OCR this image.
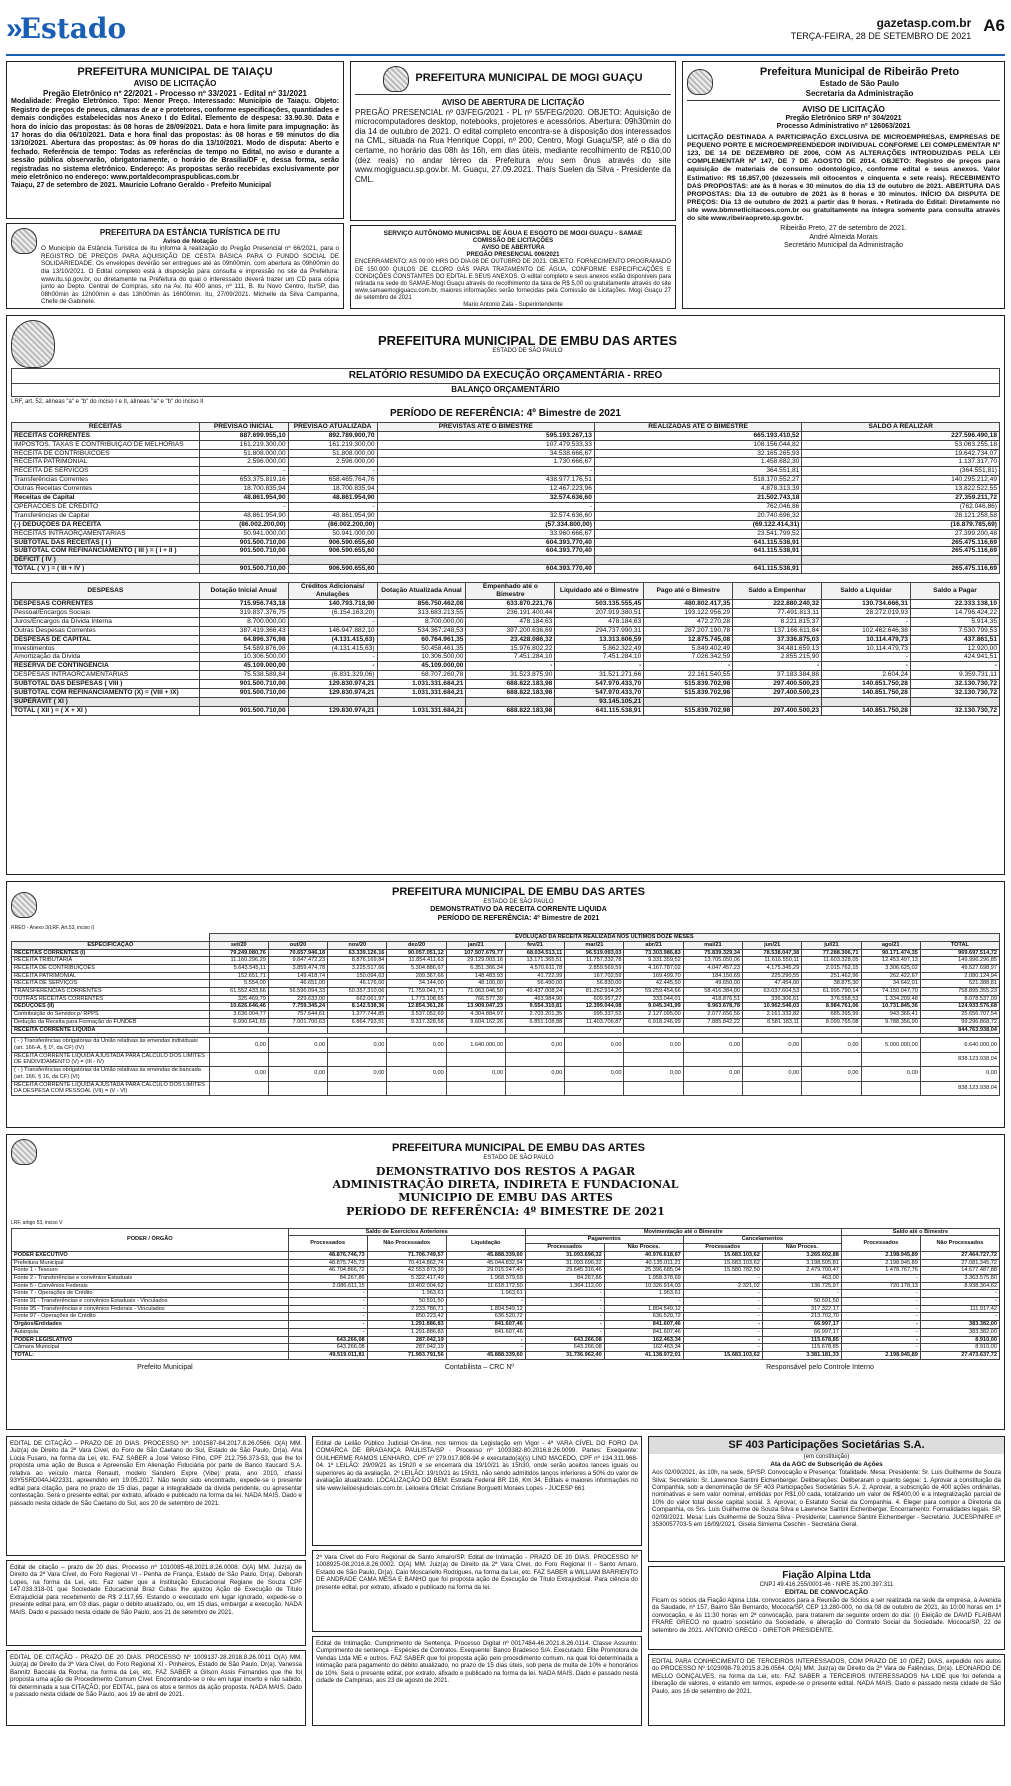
» Estado	gazetasp.com.br
TERÇA-FEIRA, 28 DE SETEMBRO DE 2021
A6
PREFEITURA MUNICIPAL DE TAIAÇU
AVISO DE LICITAÇÃO
Pregão Eletrônico nº 22/2021 - Processo nº 33/2021 - Edital nº 31/2021
Modalidade: Pregão Eletrônico. Tipo: Menor Preço. Interessado: Município de Taiaçu. Objeto: Registro de preços de pneus, câmaras de ar e protetores, conforme especificações, quantidades e demais condições estabelecidas nos Anexo I do Edital. Elemento de despesa: 33.90.30. Data e hora do início das propostas: às 08 horas de 28/09/2021. Data e hora limite para impugnação: às 17 horas do dia 06/10/2021. Data e hora final das propostas: às 08 horas e 59 minutos do dia 13/10/2021. Abertura das propostas: às 09 horas do dia 13/10/2021. Modo de disputa: Aberto e fechado. Referência de tempo: Todas as referências de tempo no Edital, no aviso e durante a sessão pública observarão, obrigatoriamente, o horário de Brasília/DF e, dessa forma, serão registradas no sistema eletrônico. Endereço: As propostas serão recebidas exclusivamente por meio eletrônico no endereço: www.portaldecompraspublicas.com.br
Taiaçu, 27 de setembro de 2021. Maurício Lofrano Geraldo - Prefeito Municipal
PREFEITURA DA ESTÂNCIA TURÍSTICA DE ITU
Aviso de Notação
O Município da Estância Turística de Itu informa à realização do Pregão Presencial nº 66/2021, para o REGISTRO DE PREÇOS PARA AQUISIÇÃO DE CESTA BÁSICA PARA O FUNDO SOCIAL DE SOLIDARIEDADE. Os envelopes deverão ser entregues até às 09h00min, com abertura às 09h00min do dia 13/10/2021. O Edital completo está à disposição para consulta e impressão no site da Prefeitura: www.itu.sp.gov.br, ou diretamente na Prefeitura do qual o interessado deverá trazer um CD para cópia junto ao Depto. Central de Compras, sito na Av. Itu 400 anos, nº 111, B. Itu Novo Centro, Itu/SP, das 08h00min às 12h00min e das 13h00min às 16h00min. Itu, 27/09/2021. Michelle da Silva Campanha, Chefe de Gabinete.
PREFEITURA MUNICIPAL DE MOGI GUAÇU
AVISO DE ABERTURA DE LICITAÇÃO
PREGÃO PRESENCIAL nº 03/FEG/2021 - PL nº 55/FEG/2020. OBJETO: Aquisição de microcomputadores desktop, notebooks, projetores e acessórios. Abertura: 09h30min do dia 14 de outubro de 2021. O edital completo encontra-se à disposição dos interessados na CML, situada na Rua Henrique Coppi, nº 200, Centro, Mogi Guaçu/SP, até o dia do certame, no horário das 08h às 16h, em dias úteis, mediante recolhimento de R$10,00 (dez reais) no andar térreo da Prefeitura e/ou sem ônus através do site www.mogiguacu.sp.gov.br. M. Guaçu, 27.09.2021. Thaís Suelen da Silva - Presidente da CML.
SERVIÇO AUTÔNOMO MUNICIPAL DE ÁGUA E ESGOTO DE MOGI GUAÇU - SAMAE
COMISSÃO DE LICITAÇÕES
AVISO DE ABERTURA
PREGÃO PRESENCIAL 006/2021
ENCERRAMENTO: AS 09:00 HRS DO DIA 08 DE OUTUBRO DE 2021. OBJETO: FORNECIMENTO PROGRAMADO DE 150.000 QUILOS DE CLORO GÁS PARA TRATAMENTO DE ÁGUA, CONFORME ESPECIFICAÇÕES E CONDIÇÕES CONSTANTES DO EDITAL E SEUS ANEXOS. O edital completo e seus anexos estão disponíveis para retirada na sede do SAMAE-Mogi Guaçu através do recolhimento da taxa de R$ 5,00 ou gratuitamente através do site www.samaemogiguacu.com.br, maiores informações serão fornecidas pela Comissão de Licitações. Mogi Guaçu 27 de setembro de 2021
Mario Antonio Zala - Superintendente
Prefeitura Municipal de Ribeirão Preto
Estado de São Paulo
Secretaria da Administração
AVISO DE LICITAÇÃO
Pregão Eletrônico SRP nº 304/2021
Processo Administrativo nº 126063/2021
LICITAÇÃO DESTINADA A PARTICIPAÇÃO EXCLUSIVA DE MICROEMPRESAS, EMPRESAS DE PEQUENO PORTE E MICROEMPREENDEDOR INDIVIDUAL CONFORME LEI COMPLEMENTAR Nº 123, DE 14 DE DEZEMBRO DE 2006, COM AS ALTERAÇÕES INTRODUZIDAS PELA LEI COMPLEMENTAR Nº 147, DE 7 DE AGOSTO DE 2014. OBJETO: Registro de preços para aquisição de materiais de consumo odontológico, conforme edital e seus anexos. Valor Estimativo: R$ 16.857,00 (dezesseis mil oitocentos e cinquenta e sete reais). RECEBIMENTO DAS PROPOSTAS: até às 8 horas e 30 minutos do dia 13 de outubro de 2021. ABERTURA DAS PROPOSTAS: Dia 13 de outubro de 2021 às 8 horas e 30 minutos. INÍCIO DA DISPUTA DE PREÇOS: Dia 13 de outubro de 2021 a partir das 9 horas. • Retirada do Edital: Diretamente no site www.bbmnetlicitacoes.com.br ou gratuitamente na íntegra somente para consulta através do site www.ribeiraopreto.sp.gov.br.
Ribeirão Preto, 27 de setembro de 2021.
André Almeida Morais
Secretário Municipal da Administração
PREFEITURA MUNICIPAL DE EMBU DAS ARTES
ESTADO DE SÃO PAULO
RELATÓRIO RESUMIDO DA EXECUÇÃO ORÇAMENTÁRIA - RREO
BALANÇO ORÇAMENTÁRIO
LRF, art. 52, alíneas "a" e "b" do inciso I e II, alíneas "a" e "b" do inciso II
PERÍODO DE REFERÊNCIA: 4º Bimestre de 2021
RECEITAS	PREVISÃO INICIAL	PREVISÃO ATUALIZADA	PREVISTAS ATÉ O BIMESTRE	REALIZADAS ATÉ O BIMESTRE	SALDO A REALIZAR
RECEITAS CORRENTES	887.699.955,10	892.789.900,70	595.193.267,13	665.193.410,52	227.596.490,18
IMPOSTOS, TAXAS E CONTRIBUIÇÃO DE MELHORIAS	161.219.300,00	161.219.300,00	107.479.533,33	108.156.044,82	53.063.255,18
RECEITA DE CONTRIBUICOES	51.808.000,00	51.808.000,00	34.538.666,67	32.165.265,93	19.642.734,07
RECEITA PATRIMONIAL	2.596.000,00	2.596.000,00	1.730.666,67	1.458.682,30	1.137.317,70
RECEITA DE SERVICOS	-	-	-	364.551,81	(364.551,81)
Transferências Correntes	653.375.819,16	658.465.764,76	438.977.176,51	518.170.552,27	140.295.212,49
Outras Receitas Correntes	18.700.835,94	18.700.835,94	12.467.223,96	4.878.313,39	13.822.522,55
Receitas de Capital	48.861.954,90	48.861.954,90	32.574.636,60	21.502.743,18	27.359.211,72
OPERACOES DE CREDITO	-	-	-	762.046,86	(762.046,86)
Transferências de Capital	48.861.954,90	48.861.954,90	32.574.636,60	20.740.696,32	28.121.258,58
(-) DEDUÇÕES DA RECEITA	(86.002.200,00)	(86.002.200,00)	(57.334.800,00)	(69.122.414,31)	(16.879.785,69)
RECEITAS INTRAORÇAMENTÁRIAS	50.941.000,00	50.941.000,00	33.960.666,67	23.541.799,52	27.399.200,48
SUBTOTAL DAS RECEITAS ( I )	901.500.710,00	906.590.655,60	604.393.770,40	641.115.538,91	265.475.116,69
SUBTOTAL COM REFINANCIAMENTO ( III ) = ( I + II )	901.500.710,00	906.590.655,60	604.393.770,40	641.115.538,91	265.475.116,69
DÉFICIT ( IV )					
TOTAL ( V ) = ( III + IV )	901.500.710,00	906.590.655,60	604.393.770,40	641.115.538,91	265.475.116,69
DESPESAS	Dotação Inicial Anual	Créditos Adicionais/ Anulações	Dotação Atualizada Anual	Empenhado até o Bimestre	Liquidado até o Bimestre	Pago até o Bimestre	Saldo a Empenhar	Saldo a Liquidar	Saldo a Pagar
DESPESAS CORRENTES	715.956.743,18	140.793.718,90	856.750.462,08	633.870.221,76	503.135.555,45	480.802.417,35	222.880.240,32	130.734.666,31	22.333.138,10
Pessoal/Encargos Sociais	319.837.376,75	(6.154.163,20)	313.683.213,55	236.191.400,44	207.919.380,51	193.122.956,29	77.491.813,11	28.272.019,93	14.796.424,22
Juros/Encargos da Dívida Interna	8.700.000,00	-	8.700.000,00	478.184,63	478.184,63	472.270,28	8.221.815,37	-	5.914,35
Outras Despesas Correntes	387.419.366,43	146.947.882,10	534.367.248,53	397.200.636,69	294.737.990,31	287.207.190,78	137.166.611,84	102.462.646,38	7.530.799,53
DESPESAS DE CAPITAL	64.896.376,98	(4.131.415,63)	60.764.961,35	23.428.086,32	13.313.606,59	12.875.745,08	37.336.875,03	10.114.479,73	437.861,51
Investimentos	54.589.876,98	(4.131.415,63)	50.458.461,35	15.976.802,22	5.862.322,49	5.849.402,49	34.481.659,13	10.114.479,73	12.920,00
Amortização da Dívida	10.306.500,00	-	10.306.500,00	7.451.284,10	7.451.284,10	7.026.342,59	2.855.215,90	-	424.941,51
RESERVA DE CONTINGÊNCIA	45.109.000,00	-	45.109.000,00	-	-	-	-	-	-
DESPESAS INTRAORCAMENTARIAS	75.538.589,84	(6.831.329,06)	68.707.260,78	31.523.875,90	31.521.271,66	22.161.540,55	37.183.384,88	2.604,24	9.359.731,11
SUBTOTAL DAS DESPESAS ( VIII )	901.500.710,00	129.830.974,21	1.031.331.684,21	688.822.183,98	547.970.433,70	515.839.702,98	297.400.500,23	140.851.750,28	32.130.730,72
SUBTOTAL COM REFINANCIAMENTO (X) = (VIII + IX)	901.500.710,00	129.830.974,21	1.031.331.684,21	688.822.183,98	547.970.433,70	515.839.702,98	297.400.500,23	140.851.750,28	32.130.730,72
SUPERÁVIT ( XI )					93.145.105,21				
TOTAL ( XII ) = ( X + XI )	901.500.710,00	129.830.974,21	1.031.331.684,21	688.822.183,98	641.115.538,91	515.839.702,98	297.400.500,23	140.851.750,28	32.130.730,72
PREFEITURA MUNICIPAL DE EMBU DAS ARTES
ESTADO DE SÃO PAULO
DEMONSTRATIVO DA RECEITA CORRENTE LIQUIDA
PERÍODO DE REFERÊNCIA: 4º Bimestre de 2021
RREO - Anexo 3(LRF, Art.53, inciso I)
	EVOLUÇÃO DA RECEITA REALIZADA NOS ÚLTIMOS DOZE MESES												
ESPECIFICAÇÃO	set/20	out/20	nov/20	dez/20	jan/21	fev/21	mar/21	abr/21	mai/21	jun/21	jul/21	ago/21	TOTAL
RECEITAS CORRENTES (I)	79.249.080,76	70.657.946,18	63.339.126,16	90.057.051,12	107.507.679,77	68.034.513,11	96.519.093,03	73.303.986,83	75.839.329,34	78.538.047,38	77.288.306,71	90.171.474,35	969.697.514,72
RECEITA TRIBUTÁRIA	11.160.296,29	9.847.472,23	8.876.169,84	11.854.411,63	29.129.003,16	13.171.365,51	11.757.332,78	9.331.359,52	13.705.050,06	11.616.550,11	11.603.328,05	12.453.497,13	149.996.296,85
RECEITA DE CONTRIBUIÇÕES	5.643.545,11	3.859.474,78	3.225.517,66	5.304.886,67	6.351.366,34	4.570.611,78	2.859.569,59	4.167.787,02	4.047.457,23	4.175.345,29	2.015.762,15	3.306.625,02	49.527.698,97
RECEITA PATRIMONIAL	152.651,71	149.418,74	150.094,63	209.367,66	148.483,93	41.722,99	167.702,59	169.499,70	184.150,69	225.290,55	251.462,96	262.422,67	2.080.124,94
RECEITA DE SERVIÇOS	5.554,00	46.651,00	46.176,00	34.144,00	48.100,00	56.490,00	56.830,00	42.445,50	49.650,00	47.454,00	38.875,30	34.642,01	521.388,81
TRANSFERÊNCIAS CORRENTES	61.552.433,66	56.596.094,33	50.357.310,06	71.759.041,71	71.063.046,50	49.437.008,24	81.262.914,20	59.259.454,66	58.416.384,00	63.037.604,53	61.995.790,14	74.150.047,70	758.895.355,23
OUTRAS RECEITAS CORRENTES	325.469,79	229.633,00	662.061,97	1.773.108,65	766.577,39	463.984,90	609.957,27	333.044,01	418.876,51	336.306,61	376.558,53	1.334.209,48	8.078.537,09
DEDUÇÕES (II)	10.626.646,46	7.759.345,24	8.142.538,36	12.854.361,26	13.909.047,23	9.554.310,81	12.399.044,08	9.045.341,99	9.963.678,78	10.962.546,03	8.984.761,06	10.731.845,36	124.933.576,68
Contribuição do Servidor p/ RPPS	3.636.004,77	757.644,61	1.277.744,85	3.537.052,69	4.304.884,97	2.703.201,35	995.337,52	2.127.095,00	2.077.656,56	2.161.332,82	685.395,99	943.366,41	25.656.707,54
Dedução da Receita para Formação do FUNDEB	6.990.641,69	7.001.700,63	6.864.793,51	9.317.328,58	9.604.162,26	6.851.108,88	11.403.706,87	6.918.246,99	7.885.842,22	8.581.183,11	8.099.765,08	9.788.356,90	99.296.868,72
RECEITA CORRENTE LIQUIDA													844.763.938,04
( - ) Transferências obrigatórias da União relativas às emendas individuais (art. 166-A, § 1º, da CF) (IV)	0,00	0,00	0,00	0,00	1.640.000,00	0,00	0,00	0,00	0,00	0,00	0,00	5.000.000,00	6.640.000,00
RECEITA CORRENTE LÍQUIDA AJUSTADA PARA CÁLCULO DOS LIMITES DE ENDIVIDAMENTO (V) = (III - IV)													838.123.938,04
( - ) Transferências obrigatórias da União relativas às emendas de bancada (art. 166, § 16, da CF) (VI)	0,00	0,00	0,00	0,00	0,00	0,00	0,00	0,00	0,00	0,00	0,00	0,00	0,00
RECEITA CORRENTE LÍQUIDA AJUSTADA PARA CÁLCULO DOS LIMITES DA DESPESA COM PESSOAL (VII) = (V - VI)													838.123.938,04
PREFEITURA MUNICIPAL DE EMBU DAS ARTES
ESTADO DE SÃO PAULO
DEMONSTRATIVO DOS RESTOS A PAGAR
ADMINISTRAÇÃO DIRETA, INDIRETA E FUNDACIONAL
MUNICIPIO DE EMBU DAS ARTES
PERÍODO DE REFERÊNCIA: 4º BIMESTRE DE 2021
LRF, artigo 53, inciso V
PODER / ÓRGÃO	Saldo de Exercícios Anteriores			Movimentação até o Bimestre				Saldo até o Bimestre	
	Processados	Não Processados	Liquidação	Pagamentos		Cancelamentos		Processados	Não Processados
				Processados	Não Proces.	Processados	Não Proces.		
PODER EXECUTIVO	48.876.746,73	71.706.749,57	45.888.339,60	31.093.696,32	40.976.618,67	15.683.103,62	3.265.602,88	2.198.945,89	27.464.727,72
Prefeitura Municipal	48.875.745,73	70.414.862,74	45.044.832,94	31.093.696,32	40.135.011,21	15.683.103,62	3.198.505,81	2.198.945,89	27.081.345,72
Fonte 1 - Tesouro	46.704.866,72	42.553.873,39	29.015.247,40	29.645.316,46	25.396.685,04	15.580.782,50	2.479.700,47	1.478.767,76	14.677.487,88
Fonte 2 - Transferências e convênios Estaduais	84.267,86	5.322.417,49	1.968.379,69	84.267,86	1.958.378,69	-	463,00	-	3.363.575,80
Fonte 5 - Convênios Federais	2.086.611,15	19.402.004,62	11.618.172,50	1.364.112,00	10.326.914,03	2.321,02	136.725,97	720.178,13	8.938.364,62
Fonte 7 - Operações de Crédito	-	1.963,61	1.963,61	-	1.963,61	-	-	-	-
Fonte 91 - Transferências e convênios Estaduais - Vinculados	-	50.591,50	-	-	-	-	50.591,50	-	-
Fonte 95 - Transferências e convênios Federais - Vinculados	-	2.233.786,71	1.804.549,12	-	1.804.549,12	-	317.322,17	-	111.917,42
Fonte 97 - Operações de Crédito	-	850.223,42	636.520,72	-	636.520,72	-	213.702,70	-	-
Órgãos/Entidades	-	1.291.886,83	841.607,46	-	841.607,46	-	66.997,17	-	383.382,00
Autarquia	-	1.291.886,83	841.607,46	-	841.607,46	-	66.997,17	-	383.382,00
PODER LEGISLATIVO	643.266,08	287.042,19	-	643.266,08	162.463,34	-	115.678,85	-	8.910,00
Câmara Municipal	643.266,08	287.042,19	-	643.266,08	162.463,34	-	115.678,85	-	8.910,00
TOTAL:	49.519.011,81	71.993.791,56	45.888.339,60	31.736.962,40	41.138.972,01	15.683.103,62	3.381.181,33	2.198.945,89	27.473.637,72
Prefeito Municipal	Contabilista – CRC Nº	Responsável pelo Controle Interno
EDITAL DE CITAÇÃO – PRAZO DE 20 DIAS. PROCESSO Nº: 1001587-84.2017.8.26.0566. O(A) MM. Juiz(a) de Direito da 2ª Vara Cível, do Foro de São Caetano do Sul, Estado de São Paulo, Dr(a). Ana Lúcia Fusaro, na forma da Lei, etc. FAZ SABER a José Veloso Filho, CPF 212.756.373-53, que lhe foi proposta uma ação de Busca e Apreensão Em Alienação Fiduciária por parte de Banco Itaucard S.A. relativa ao veículo marca Renault, modelo Sandero Expre (Vibe) prata, ano 2010, chassi 93Y5SRD04AJ422331, apreendido em 19.05.2017. Não tendo sido encontrado, expede-se o presente edital para citação, para no prazo de 15 dias, pagar a integralidade da dívida pendente, ou apresentar contestação. Será o presente edital, por extrato, afixado e publicado na forma da lei. NADA MAIS. Dado e passado nesta cidade de São Caetano do Sul, aos 20 de setembro de 2021.
Edital de citação – prazo de 20 dias. Processo nº 1010085-48.2021.8.26.0008. O(A) MM. Juiz(a) de Direito da 2ª Vara Cível, do Foro Regional VI - Penha de França, Estado de São Paulo, Dr(a). Deborah Lopes, na forma da Lei, etc. Faz saber que a Instituição Educacional Regiane de Souza CPF 147.033.318-01 que Sociedade Educacional Braz Cubas lhe ajuizou Ação de Execução de Título Extrajudicial para recebimento de R$ 2.117,65. Estando o executado em lugar ignorado, expede-se o presente edital para, em 03 dias, pagar o débito atualizado, ou, em 15 dias, embargar a execução. NADA MAIS. Dado e passado nesta cidade de São Paulo, aos 21 de setembro de 2021.
EDITAL DE CITAÇÃO - PRAZO DE 20 DIAS. PROCESSO Nº 1009137-28.2018.8.26.0011 O(A) MM. Juiz(a) de Direito da 3ª Vara Cível, do Foro Regional XI - Pinheiros, Estado de São Paulo, Dr(a). Vanessa Bannitz Baccala da Rocha, na forma da Lei, etc. FAZ SABER a Gilson Assis Fernandes que lhe foi proposta uma ação de Procedimento Comum Cível. Encontrando-se o réu em lugar incerto e não sabido, foi determinada a sua CITAÇÃO, por EDITAL, para os atos e termos da ação proposta. NADA MAIS. Dado e passado nesta cidade de São Paulo, aos 19 de abril de 2021.
Edital de Leilão Público Judicial On-line, nos termos da Legislação em Vigor - 4ª VARA CÍVEL DO FORO DA COMARCA DE BRAGANÇA PAULISTA/SP - Processo nº 1003382-80.2016.8.26.0099. Partes: Exequente: GUILHERME RAMOS LENHARO, CPF nº 279.017.808-94 e executado(a)(s) LINO MACEDO, CPF nº 134.311.968-04. 1º LEILÃO: 29/09/21 às 15h20 e se encerrará dia 19/10/21 às 15h30, onde serão aceitos lances iguais ou superiores ao da avaliação. 2º LEILÃO: 19/10/21 às 15h31, não sendo admitidos lanços inferiores a 50% do valor de avaliação atualizado. LOCALIZAÇÃO DO BEM: Estrada Federal BR 116, Km 34. Editais e maiores informações no site www.leiloesjudiciais.com.br. Leiloeira Oficial: Cristiane Borguetti Moraes Lopes - JUCESP 661
2ª Vara Cível do Foro Regional de Santo Amaro/SP. Edital de Intimação - PRAZO DE 20 DIAS. PROCESSO Nº 1008925-08.2016.8.26.0002. O(A) MM. Juiz(a) de Direito da 2ª Vara Cível, do Foro Regional II - Santo Amaro, Estado de São Paulo, Dr(a). Caio Moscariello Rodrigues, na forma da Lei, etc. FAZ SABER a WILLIAM BARRIENTO DE ANDRADE CAMA MESA E BANHO que foi proposta ação de Execução de Título Extrajudicial. Para ciência do presente edital, por extrato, afixado e publicado na forma da lei.
Edital de Intimação. Cumprimento de Sentença. Processo Digital nº 0017484-46.2021.8.26.0114. Classe Assunto: Cumprimento de sentença - Espécies de Contratos. Exequente: Banco Bradesco S/A. Executado: Elite Promotora de Vendas Ltda ME e outros. FAZ SABER que foi proposta ação pelo procedimento comum, na qual foi determinada a intimação para pagamento do débito atualizado, no prazo de 15 dias úteis, sob pena de multa de 10% e honorários de 10%. Será o presente edital, por extrato, afixado e publicado na forma da lei. NADA MAIS. Dado e passado nesta cidade de Campinas, aos 23 de agosto de 2021.
SF 403 Participações Societárias S.A.
(em constituição)
Ata da AGC de Subscrição de Ações
Aos 02/09/2021, às 10h, na sede, SP/SP. Convocação e Presença: Totalidade. Mesa: Presidente: Sr. Luis Guilherme de Souza Silva; Secretário: Sr. Lawrence Santini Eichenberger. Deliberações: Deliberaram o quanto segue: 1. Aprovar a constituição da Companhia, sob a denominação de SF 403 Participações Societárias S.A. 2. Aprovar, a subscrição de 400 ações ordinárias, nominativas e sem valor nominal, emitidas por R$1,00 cada, totalizando um valor de R$400,00 e a integralização parcial de 10% do valor total desse capital social. 3. Aprovar, o Estatuto Social da Companhia. 4. Eleger para compor a Diretoria da Companhia, os Srs. Luis Guilherme de Souza Silva e Lawrence Santini Eichenberger. Encerramento: Formalidades legais. SP, 02/09/2021. Mesa: Luis Guilherme de Souza Silva - Presidente; Lawrence Santini Eichenberger - Secretário. JUCESP/NIRE nº 3530057703-5 em 16/09/2021. Gisela Simiema Ceschin - Secretária Geral.
Fiação Alpina Ltda
CNPJ 49.416.255/0001-46 - NIRE 35.200.397.311
EDITAL DE CONVOCAÇÃO
Ficam os sócios da Fiação Alpina Ltda. convocados para a Reunião de Sócios a ser realizada na sede da empresa, à Avenida da Saudade, nº 157, Bairro São Bernardo, Mococa/SP, CEP 13.280-000, no dia 08 de outubro de 2021, às 10:00 horas em 1ª convocação, e às 11:30 horas em 2ª convocação, para tratarem da seguinte ordem do dia: (i) Eleição de DAVID FLAIBAM FRARE GRECO no quadro societário da Sociedade, e alteração do Contrato Social da Sociedade. Mococa/SP, 22 de setembro de 2021. ANTONIO GRECO - DIRETOR PRESIDENTE.
EDITAL PARA CONHECIMENTO DE TERCEIROS INTERESSADOS, COM PRAZO DE 10 (DEZ) DIAS, expedido nos autos do PROCESSO Nº 1023098-79.2015.8.26.0564. O(A) MM. Juiz(a) de Direito da 2ª Vara de Falências, Dr(a). LEONARDO DE MELLO GONÇALVES, na forma da Lei, etc. FAZ SABER a TERCEIROS INTERESSADOS NA LIDE que foi deferida a liberação de valores, e estando em termos, expede-se o presente edital. NADA MAIS. Dado e passado nesta cidade de São Paulo, aos 16 de setembro de 2021.
